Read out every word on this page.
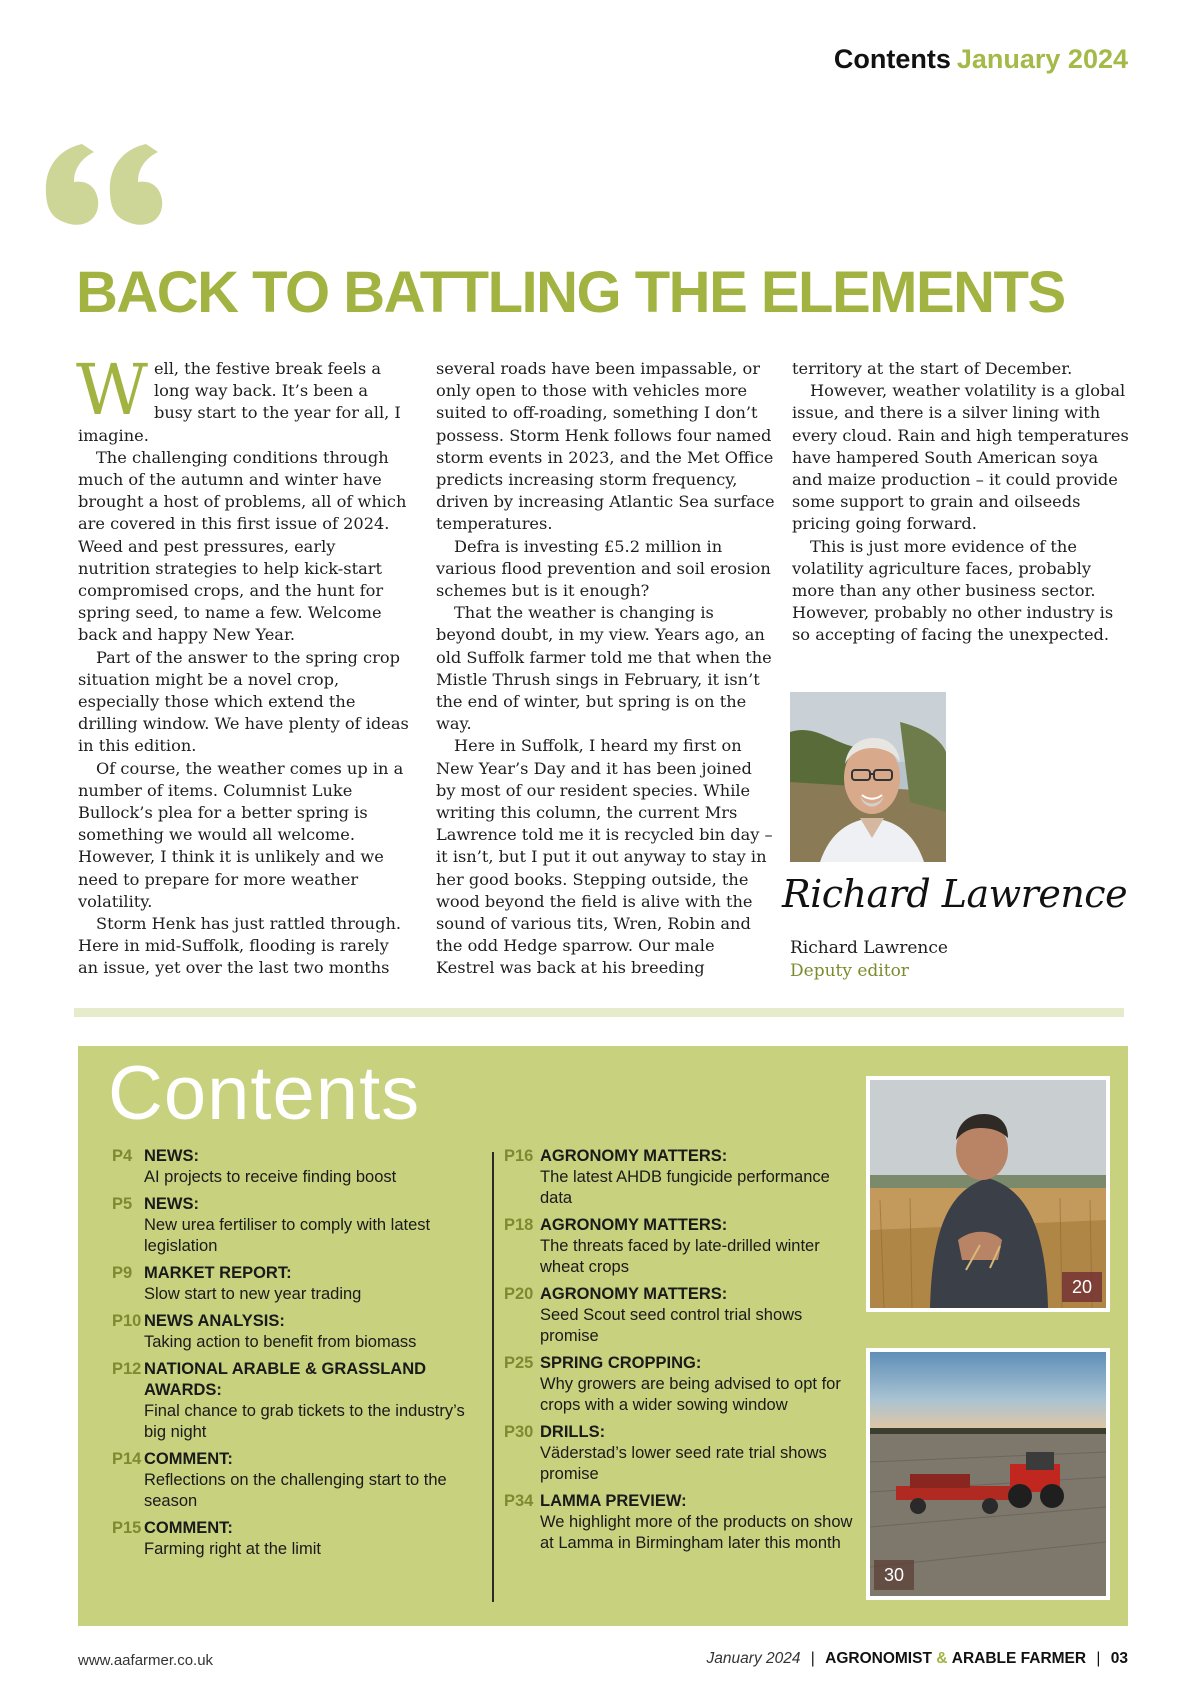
Contents January 2024
BACK TO BATTLING THE ELEMENTS

Well, the festive break feels a long way back. It’s been a busy start to the year for all, I imagine.

The challenging conditions through much of the autumn and winter have brought a host of problems, all of which are covered in this first issue of 2024. Weed and pest pressures, early nutrition strategies to help kick-start compromised crops, and the hunt for spring seed, to name a few. Welcome back and happy New Year.

Part of the answer to the spring crop situation might be a novel crop, especially those which extend the drilling window. We have plenty of ideas in this edition.

Of course, the weather comes up in a number of items. Columnist Luke Bullock’s plea for a better spring is something we would all welcome. However, I think it is unlikely and we need to prepare for more weather volatility.

Storm Henk has just rattled through. Here in mid-Suffolk, flooding is rarely an issue, yet over the last two months

several roads have been impassable, or only open to those with vehicles more suited to off-roading, something I don’t possess. Storm Henk follows four named storm events in 2023, and the Met Office predicts increasing storm frequency, driven by increasing Atlantic Sea surface temperatures.

Defra is investing £5.2 million in various flood prevention and soil erosion schemes but is it enough?

That the weather is changing is beyond doubt, in my view. Years ago, an old Suffolk farmer told me that when the Mistle Thrush sings in February, it isn’t the end of winter, but spring is on the way.

Here in Suffolk, I heard my first on New Year’s Day and it has been joined by most of our resident species. While writing this column, the current Mrs Lawrence told me it is recycled bin day – it isn’t, but I put it out anyway to stay in her good books. Stepping outside, the wood beyond the field is alive with the sound of various tits, Wren, Robin and the odd Hedge sparrow. Our male Kestrel was back at his breeding

territory at the start of December.

However, weather volatility is a global issue, and there is a silver lining with every cloud. Rain and high temperatures have hampered South American soya and maize production – it could provide some support to grain and oilseeds pricing going forward.

This is just more evidence of the volatility agriculture faces, probably more than any other business sector. However, probably no other industry is so accepting of facing the unexpected.

Richard Lawrence
Richard Lawrence
Deputy editor
Contents
P4 NEWS:
AI projects to receive finding boost
P5 NEWS:
New urea fertiliser to comply with latest legislation
P9 MARKET REPORT:
Slow start to new year trading
P10 NEWS ANALYSIS:
Taking action to benefit from biomass
P12 NATIONAL ARABLE & GRASSLAND AWARDS:
Final chance to grab tickets to the industry’s big night
P14 COMMENT:
Reflections on the challenging start to the season
P15 COMMENT:
Farming right at the limit
P16 AGRONOMY MATTERS:
The latest AHDB fungicide performance data
P18 AGRONOMY MATTERS:
The threats faced by late-drilled winter wheat crops
P20 AGRONOMY MATTERS:
Seed Scout seed control trial shows promise
P25 SPRING CROPPING:
Why growers are being advised to opt for crops with a wider sowing window
P30 DRILLS:
Väderstad’s lower seed rate trial shows promise
P34 LAMMA PREVIEW:
We highlight more of the products on show at Lamma in Birmingham later this month
20
30
www.aafarmer.co.uk	January 2024 | AGRONOMIST & ARABLE FARMER | 03
